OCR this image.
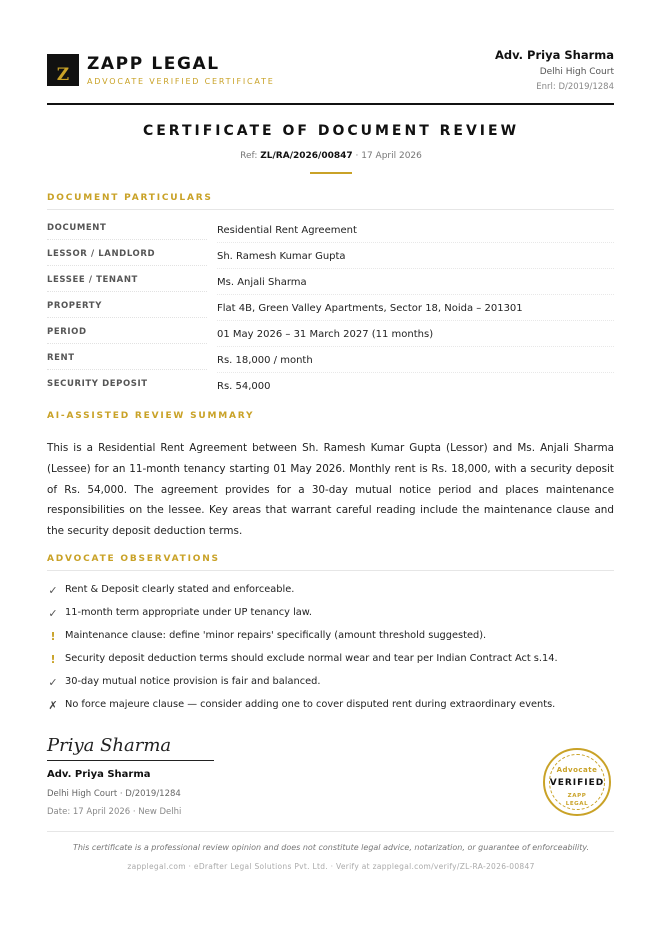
Z
ZAPP LEGAL
ADVOCATE VERIFIED CERTIFICATE
Adv. Priya Sharma
Delhi High Court
Enrl: D/2019/1284
CERTIFICATE OF DOCUMENT REVIEW
Ref: ZL/RA/2026/00847 · 17 April 2026
DOCUMENT PARTICULARS
DOCUMENT	Residential Rent Agreement
LESSOR / LANDLORD	Sh. Ramesh Kumar Gupta
LESSEE / TENANT	Ms. Anjali Sharma
PROPERTY	Flat 4B, Green Valley Apartments, Sector 18, Noida – 201301
PERIOD	01 May 2026 – 31 March 2027 (11 months)
RENT	Rs. 18,000 / month
SECURITY DEPOSIT	Rs. 54,000
AI-ASSISTED REVIEW SUMMARY
This is a Residential Rent Agreement between Sh. Ramesh Kumar Gupta (Lessor) and Ms. Anjali Sharma (Lessee) for an 11-month tenancy starting 01 May 2026. Monthly rent is Rs. 18,000, with a security deposit of Rs. 54,000. The agreement provides for a 30-day mutual notice period and places maintenance responsibilities on the lessee. Key areas that warrant careful reading include the maintenance clause and the security deposit deduction terms.
ADVOCATE OBSERVATIONS
✓ Rent & Deposit clearly stated and enforceable.
✓ 11-month term appropriate under UP tenancy law.
! Maintenance clause: define 'minor repairs' specifically (amount threshold suggested).
! Security deposit deduction terms should exclude normal wear and tear per Indian Contract Act s.14.
✓ 30-day mutual notice provision is fair and balanced.
✗ No force majeure clause — consider adding one to cover disputed rent during extraordinary events.
Priya Sharma
Adv. Priya Sharma
Delhi High Court · D/2019/1284
Date: 17 April 2026 · New Delhi
Advocate
VERIFIED
ZAPP
LEGAL
This certificate is a professional review opinion and does not constitute legal advice, notarization, or guarantee of enforceability.
zapplegal.com · eDrafter Legal Solutions Pvt. Ltd. · Verify at zapplegal.com/verify/ZL-RA-2026-00847
